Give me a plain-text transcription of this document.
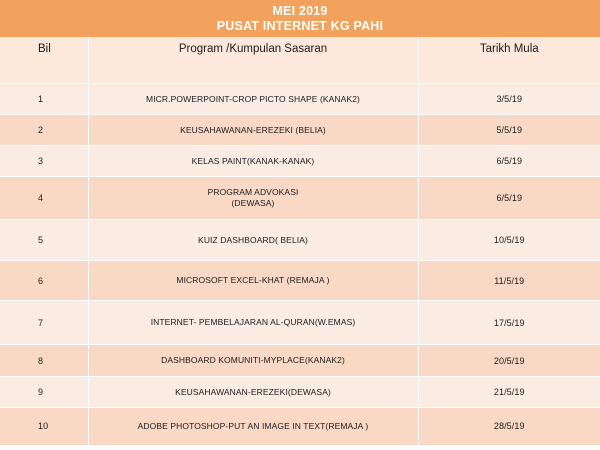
MEI 2019
PUSAT INTERNET KG PAHI
Bil	Program /Kumpulan Sasaran	Tarikh Mula
1	MICR.POWERPOINT-CROP PICTO SHAPE (KANAK2)	3/5/19
2	KEUSAHAWANAN-EREZEKI (BELIA)	5/5/19
3	KELAS PAINT(KANAK-KANAK)	6/5/19
4	PROGRAM ADVOKASI
(DEWASA)	6/5/19
5	KUIZ DASHBOARD( BELIA)	10/5/19
6	MICROSOFT EXCEL-KHAT (REMAJA )	11/5/19
7	INTERNET- PEMBELAJARAN AL-QURAN(W.EMAS)	17/5/19
8	DASHBOARD KOMUNITI-MYPLACE(KANAK2)	20/5/19
9	KEUSAHAWANAN-EREZEKI(DEWASA)	21/5/19
10	ADOBE PHOTOSHOP-PUT AN IMAGE IN TEXT(REMAJA )	28/5/19
